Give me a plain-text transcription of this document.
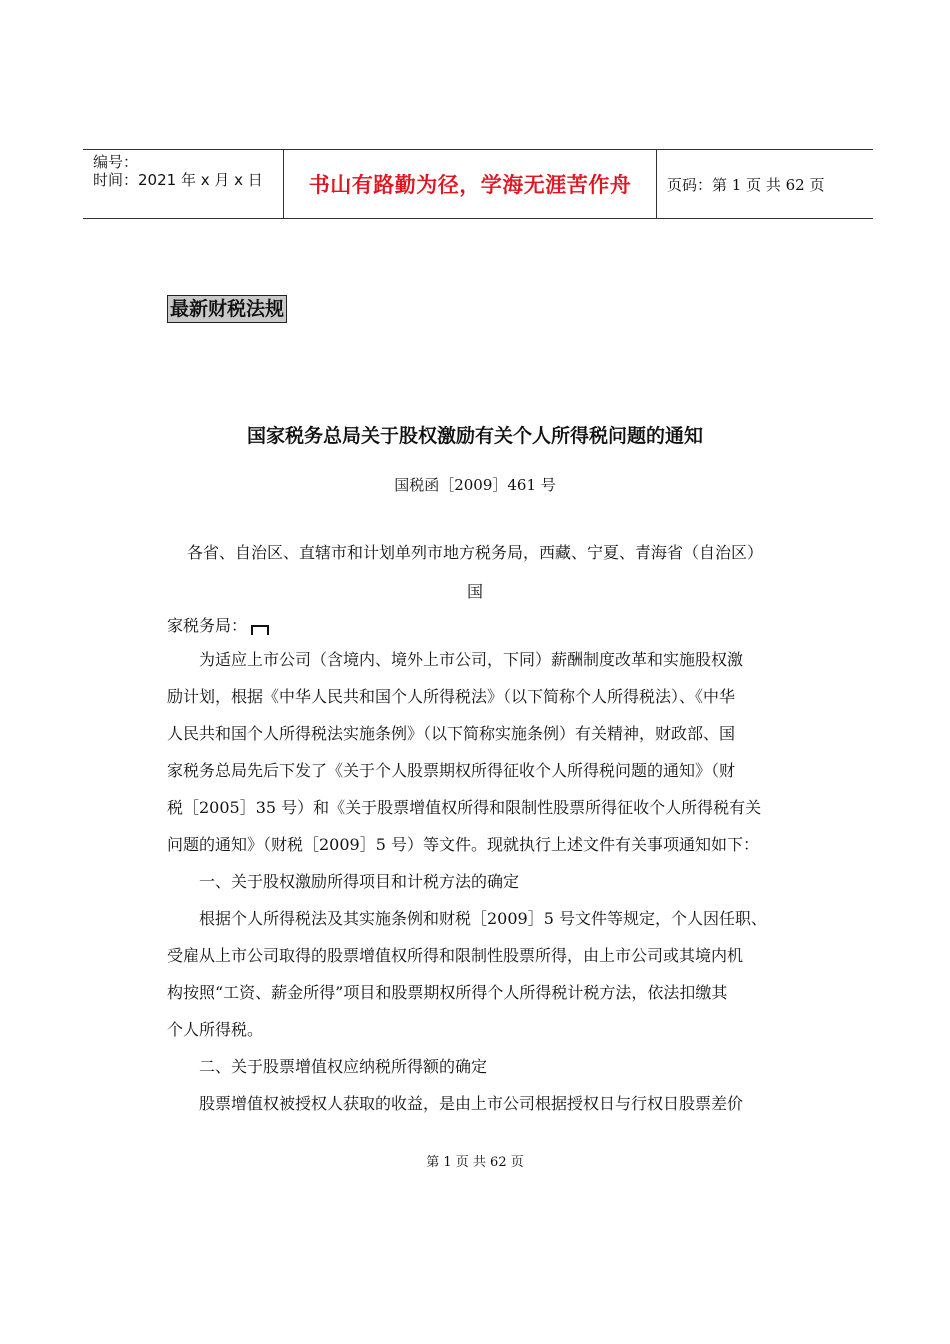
编号：
时间：2021 年 x 月 x 日	书山有路勤为径，学海无涯苦作舟	页码：第 1 页 共 62 页
最新财税法规
国家税务总局关于股权激励有关个人所得税问题的通知
国税函［2009］461 号
各省、自治区、直辖市和计划单列市地方税务局，西藏、宁夏、青海省（自治区）
国
家税务局：
　　为适应上市公司（含境内、境外上市公司，下同）薪酬制度改革和实施股权激
励计划，根据《中华人民共和国个人所得税法》（以下简称个人所得税法）、《中华
人民共和国个人所得税法实施条例》（以下简称实施条例）有关精神，财政部、国
家税务总局先后下发了《关于个人股票期权所得征收个人所得税问题的通知》（财
税［2005］35 号）和《关于股票增值权所得和限制性股票所得征收个人所得税有关
问题的通知》（财税［2009］5 号）等文件。现就执行上述文件有关事项通知如下：
　　一、关于股权激励所得项目和计税方法的确定
　　根据个人所得税法及其实施条例和财税［2009］5 号文件等规定，个人因任职、
受雇从上市公司取得的股票增值权所得和限制性股票所得，由上市公司或其境内机
构按照“工资、薪金所得”项目和股票期权所得个人所得税计税方法，依法扣缴其
个人所得税。
　　二、关于股票增值权应纳税所得额的确定
　　股票增值权被授权人获取的收益，是由上市公司根据授权日与行权日股票差价
第 1 页 共 62 页
